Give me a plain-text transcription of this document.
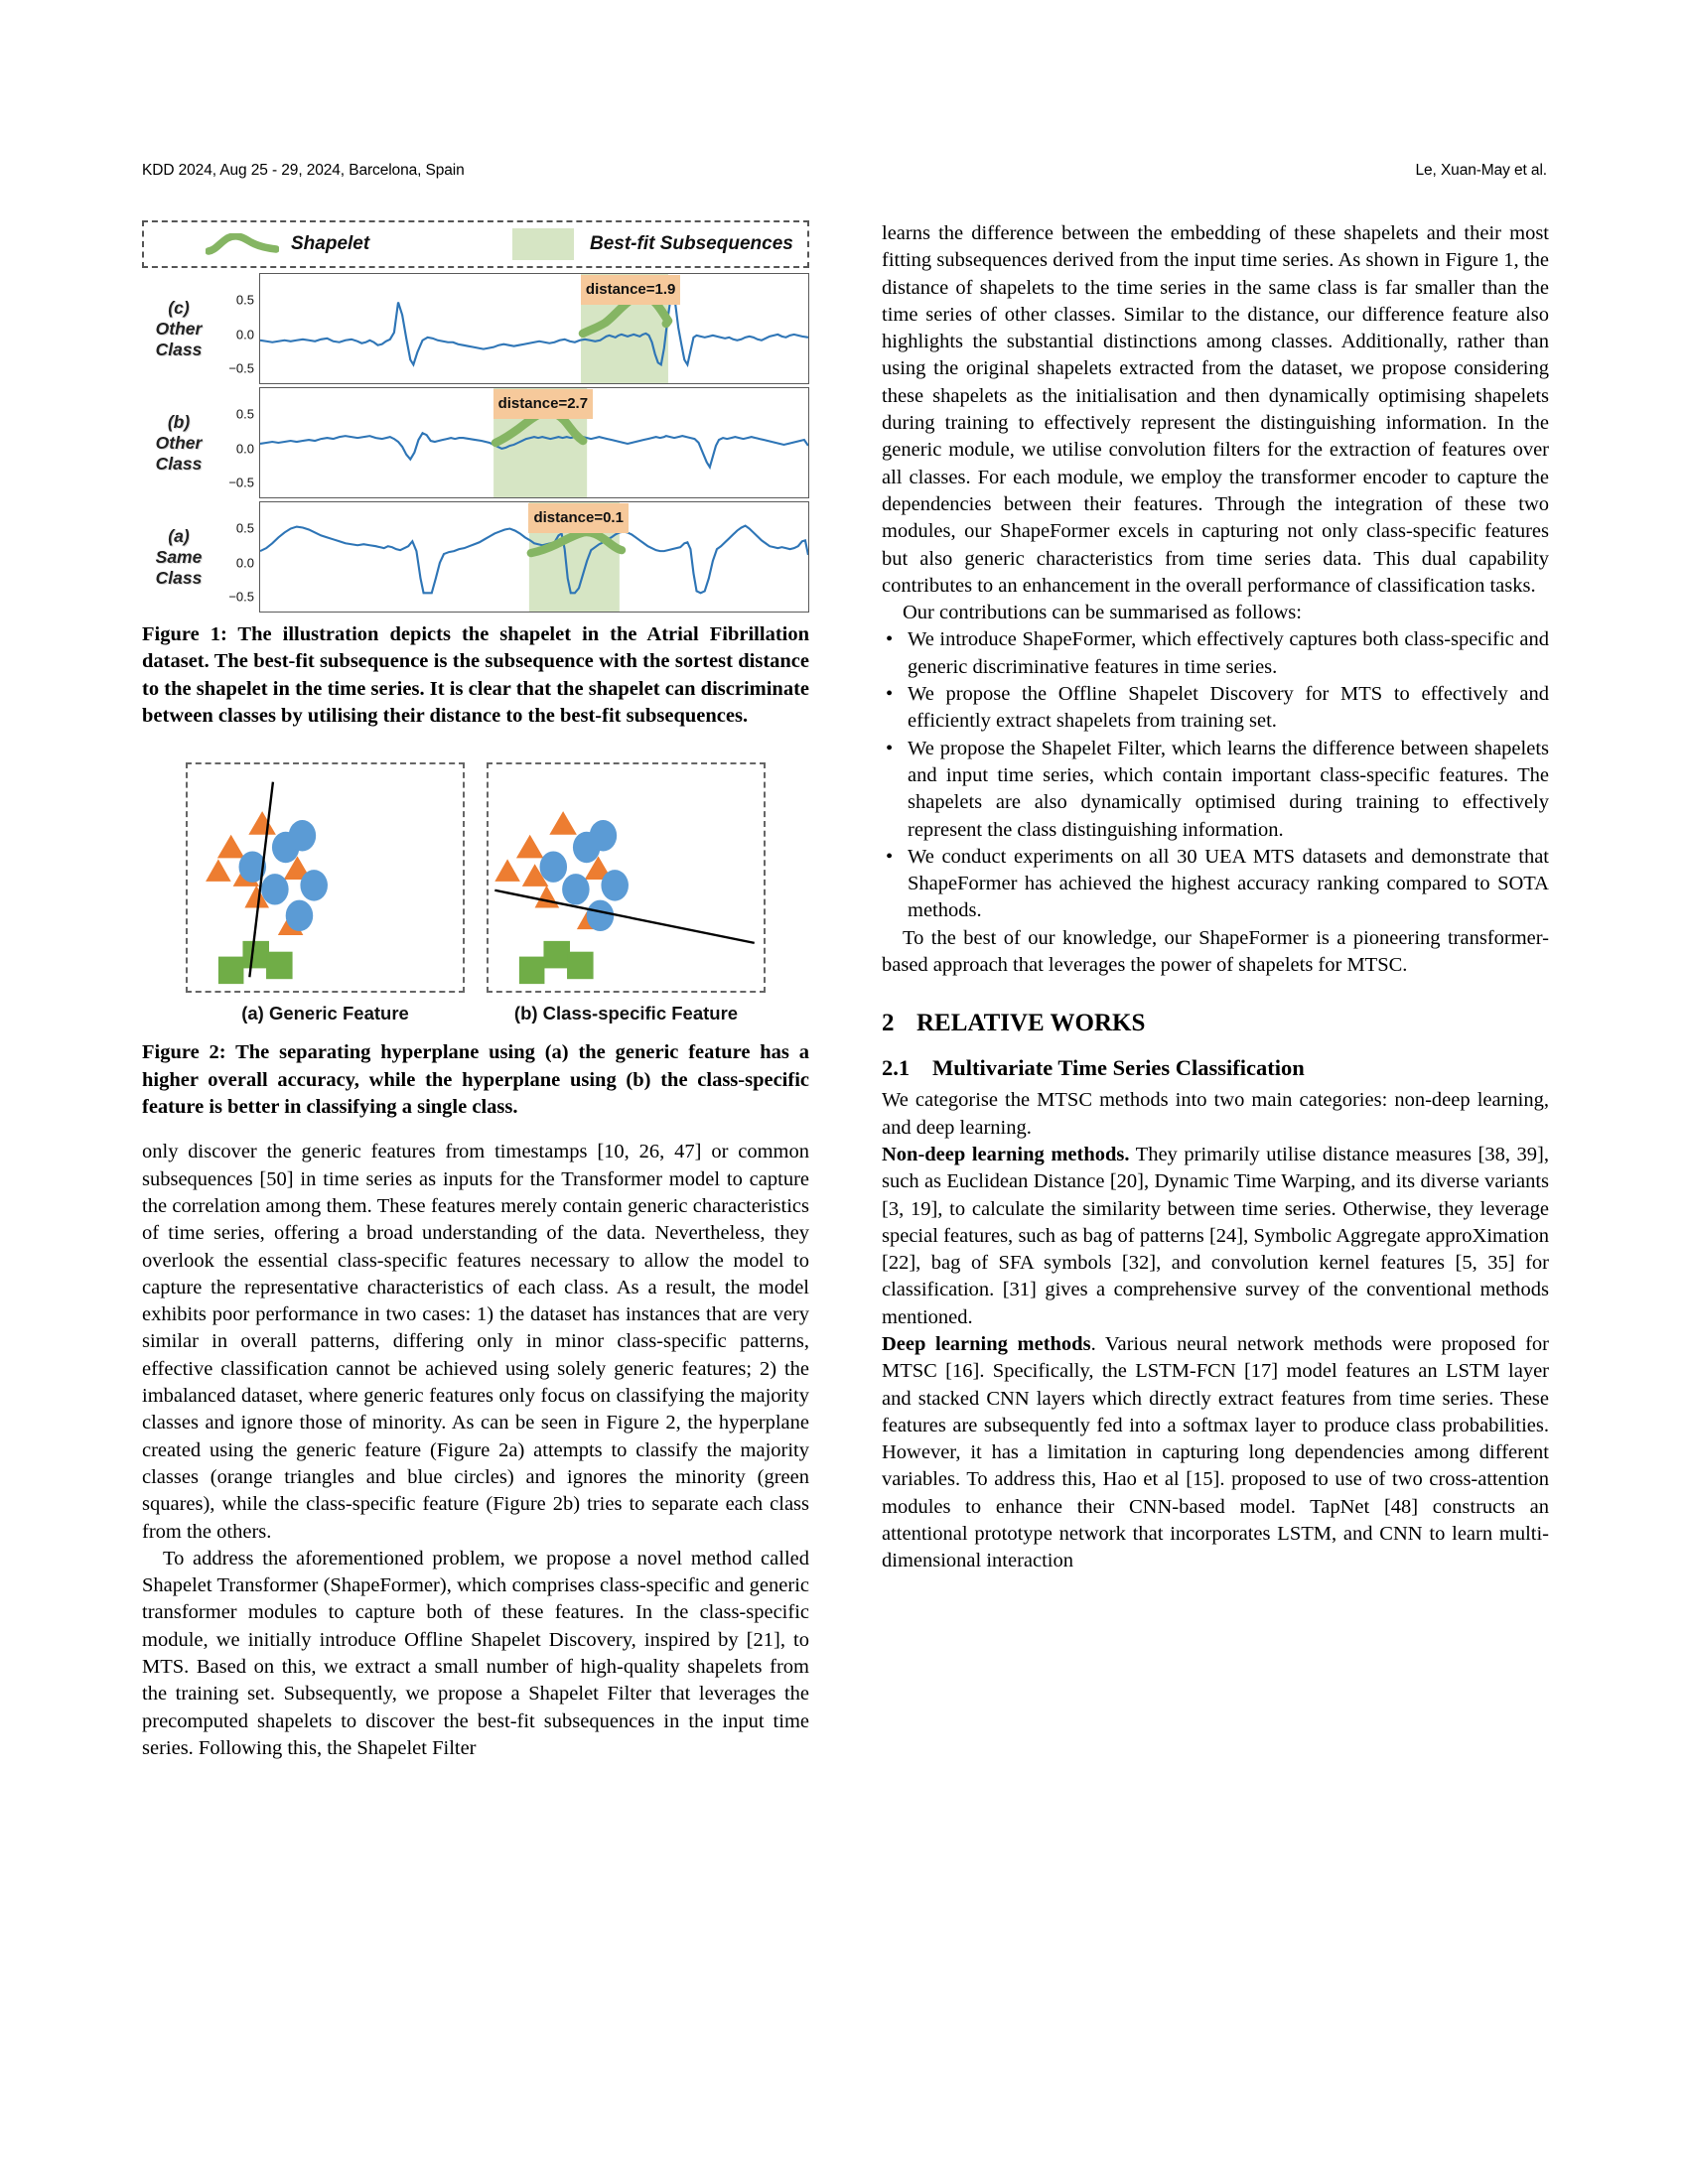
KDD 2024, Aug 25 - 29, 2024, Barcelona, Spain	Le, Xuan-May et al.
Shapelet	Best-fit Subsequences
(c)
Other
Class
0.5
0.0
−0.5
distance=1.9
(b)
Other
Class
0.5
0.0
−0.5
distance=2.7
(a)
Same
Class
0.5
0.0
−0.5
distance=0.1

Figure 1: The illustration depicts the shapelet in the Atrial Fibrillation dataset. The best-fit subsequence is the subsequence with the sortest distance to the shapelet in the time series. It is clear that the shapelet can discriminate between classes by utilising their distance to the best-fit subsequences.

(a) Generic Feature	(b) Class-specific Feature

Figure 2: The separating hyperplane using (a) the generic feature has a higher overall accuracy, while the hyperplane using (b) the class-specific feature is better in classifying a single class.

only discover the generic features from timestamps [10, 26, 47] or common subsequences [50] in time series as inputs for the Transformer model to capture the correlation among them. These features merely contain generic characteristics of time series, offering a broad understanding of the data. Nevertheless, they overlook the essential class-specific features necessary to allow the model to capture the representative characteristics of each class. As a result, the model exhibits poor performance in two cases: 1) the dataset has instances that are very similar in overall patterns, differing only in minor class-specific patterns, effective classification cannot be achieved using solely generic features; 2) the imbalanced dataset, where generic features only focus on classifying the majority classes and ignore those of minority. As can be seen in Figure 2, the hyperplane created using the generic feature (Figure 2a) attempts to classify the majority classes (orange triangles and blue circles) and ignores the minority (green squares), while the class-specific feature (Figure 2b) tries to separate each class from the others.

To address the aforementioned problem, we propose a novel method called Shapelet Transformer (ShapeFormer), which comprises class-specific and generic transformer modules to capture both of these features. In the class-specific module, we initially introduce Offline Shapelet Discovery, inspired by [21], to MTS. Based on this, we extract a small number of high-quality shapelets from the training set. Subsequently, we propose a Shapelet Filter that leverages the precomputed shapelets to discover the best-fit subsequences in the input time series. Following this, the Shapelet Filter

learns the difference between the embedding of these shapelets and their most fitting subsequences derived from the input time series. As shown in Figure 1, the distance of shapelets to the time series in the same class is far smaller than the time series of other classes. Similar to the distance, our difference feature also highlights the substantial distinctions among classes. Additionally, rather than using the original shapelets extracted from the dataset, we propose considering these shapelets as the initialisation and then dynamically optimising shapelets during training to effectively represent the distinguishing information. In the generic module, we utilise convolution filters for the extraction of features over all classes. For each module, we employ the transformer encoder to capture the dependencies between their features. Through the integration of these two modules, our ShapeFormer excels in capturing not only class-specific features but also generic characteristics from time series data. This dual capability contributes to an enhancement in the overall performance of classification tasks.

Our contributions can be summarised as follows:

• We introduce ShapeFormer, which effectively captures both class-specific and generic discriminative features in time series.
• We propose the Offline Shapelet Discovery for MTS to effectively and efficiently extract shapelets from training set.
• We propose the Shapelet Filter, which learns the difference between shapelets and input time series, which contain important class-specific features. The shapelets are also dynamically optimised during training to effectively represent the class distinguishing information.
• We conduct experiments on all 30 UEA MTS datasets and demonstrate that ShapeFormer has achieved the highest accuracy ranking compared to SOTA methods.

To the best of our knowledge, our ShapeFormer is a pioneering transformer-based approach that leverages the power of shapelets for MTSC.

2 RELATIVE WORKS
2.1 Multivariate Time Series Classification

We categorise the MTSC methods into two main categories: non-deep learning, and deep learning.

Non-deep learning methods. They primarily utilise distance measures [38, 39], such as Euclidean Distance [20], Dynamic Time Warping, and its diverse variants [3, 19], to calculate the similarity between time series. Otherwise, they leverage special features, such as bag of patterns [24], Symbolic Aggregate approXimation [22], bag of SFA symbols [32], and convolution kernel features [5, 35] for classification. [31] gives a comprehensive survey of the conventional methods mentioned.

Deep learning methods. Various neural network methods were proposed for MTSC [16]. Specifically, the LSTM-FCN [17] model features an LSTM layer and stacked CNN layers which directly extract features from time series. These features are subsequently fed into a softmax layer to produce class probabilities. However, it has a limitation in capturing long dependencies among different variables. To address this, Hao et al [15]. proposed to use of two cross-attention modules to enhance their CNN-based model. TapNet [48] constructs an attentional prototype network that incorporates LSTM, and CNN to learn multi-dimensional interaction
